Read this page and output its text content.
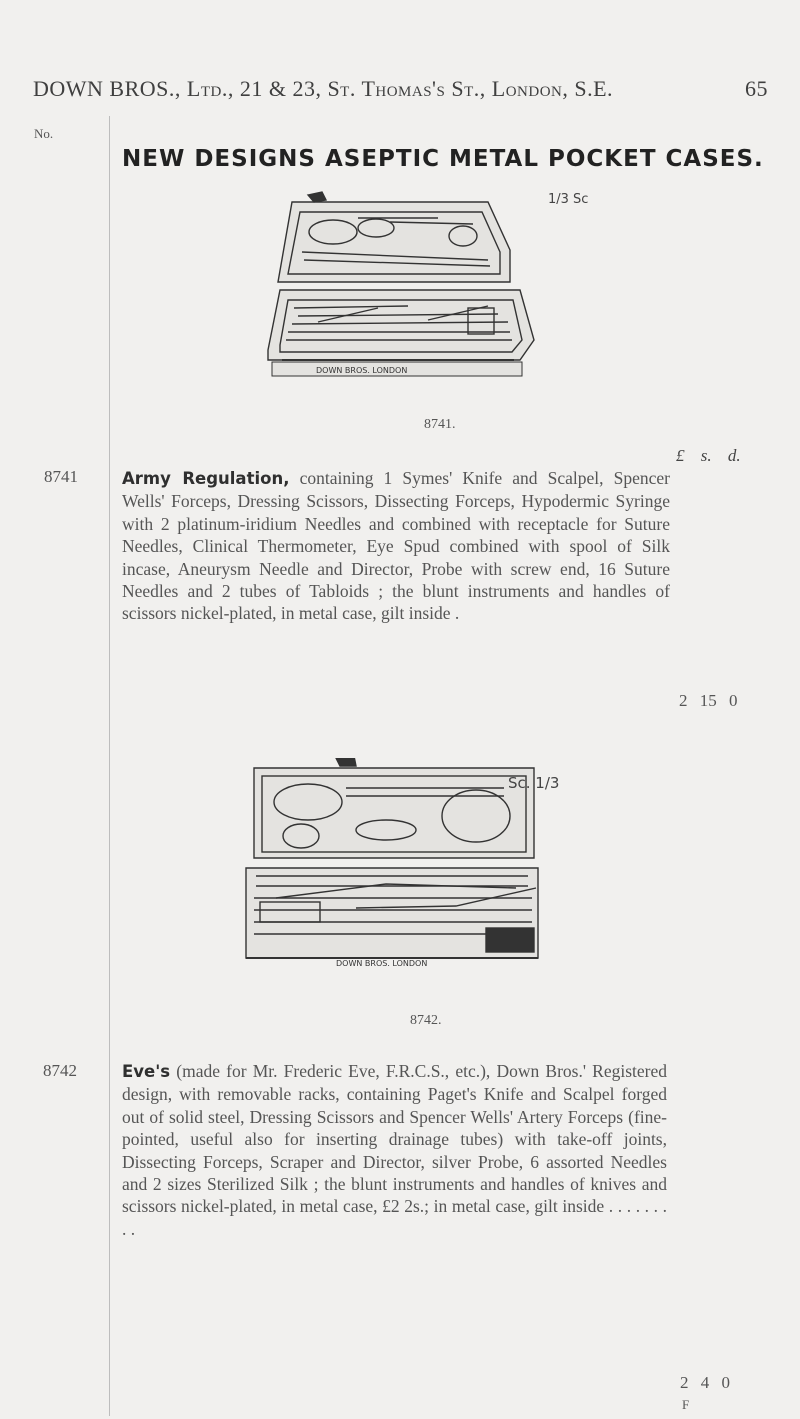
DOWN BROS., Ltd., 21 & 23, St. Thomas's St., London, S.E.	65
No.
NEW DESIGNS ASEPTIC METAL POCKET CASES.
DOWN BROS. LONDON
1/3 Sc
8741.
£ s. d.
8741	Army Regulation, containing 1 Symes' Knife and Scalpel, Spencer Wells' Forceps, Dressing Scissors, Dissecting Forceps, Hypodermic Syringe with 2 platinum-iridium Needles and combined with receptacle for Suture Needles, Clinical Thermometer, Eye Spud combined with spool of Silk incase, Aneurysm Needle and Director, Probe with screw end, 16 Suture Needles and 2 tubes of Tabloids ; the blunt instruments and handles of scissors nickel-plated, in metal case, gilt inside .
2 15 0
DOWN BROS. LONDON
Sc. 1/3
8742.
8742	Eve's (made for Mr. Frederic Eve, F.R.C.S., etc.), Down Bros.' Registered design, with removable racks, containing Paget's Knife and Scalpel forged out of solid steel, Dressing Scissors and Spencer Wells' Artery Forceps (fine-pointed, useful also for inserting drainage tubes) with take-off joints, Dissecting Forceps, Scraper and Director, silver Probe, 6 assorted Needles and 2 sizes Sterilized Silk ; the blunt instruments and handles of knives and scissors nickel-plated, in metal case, £2 2s.; in metal case, gilt inside . . . . . . . . .
2 4 0
F
